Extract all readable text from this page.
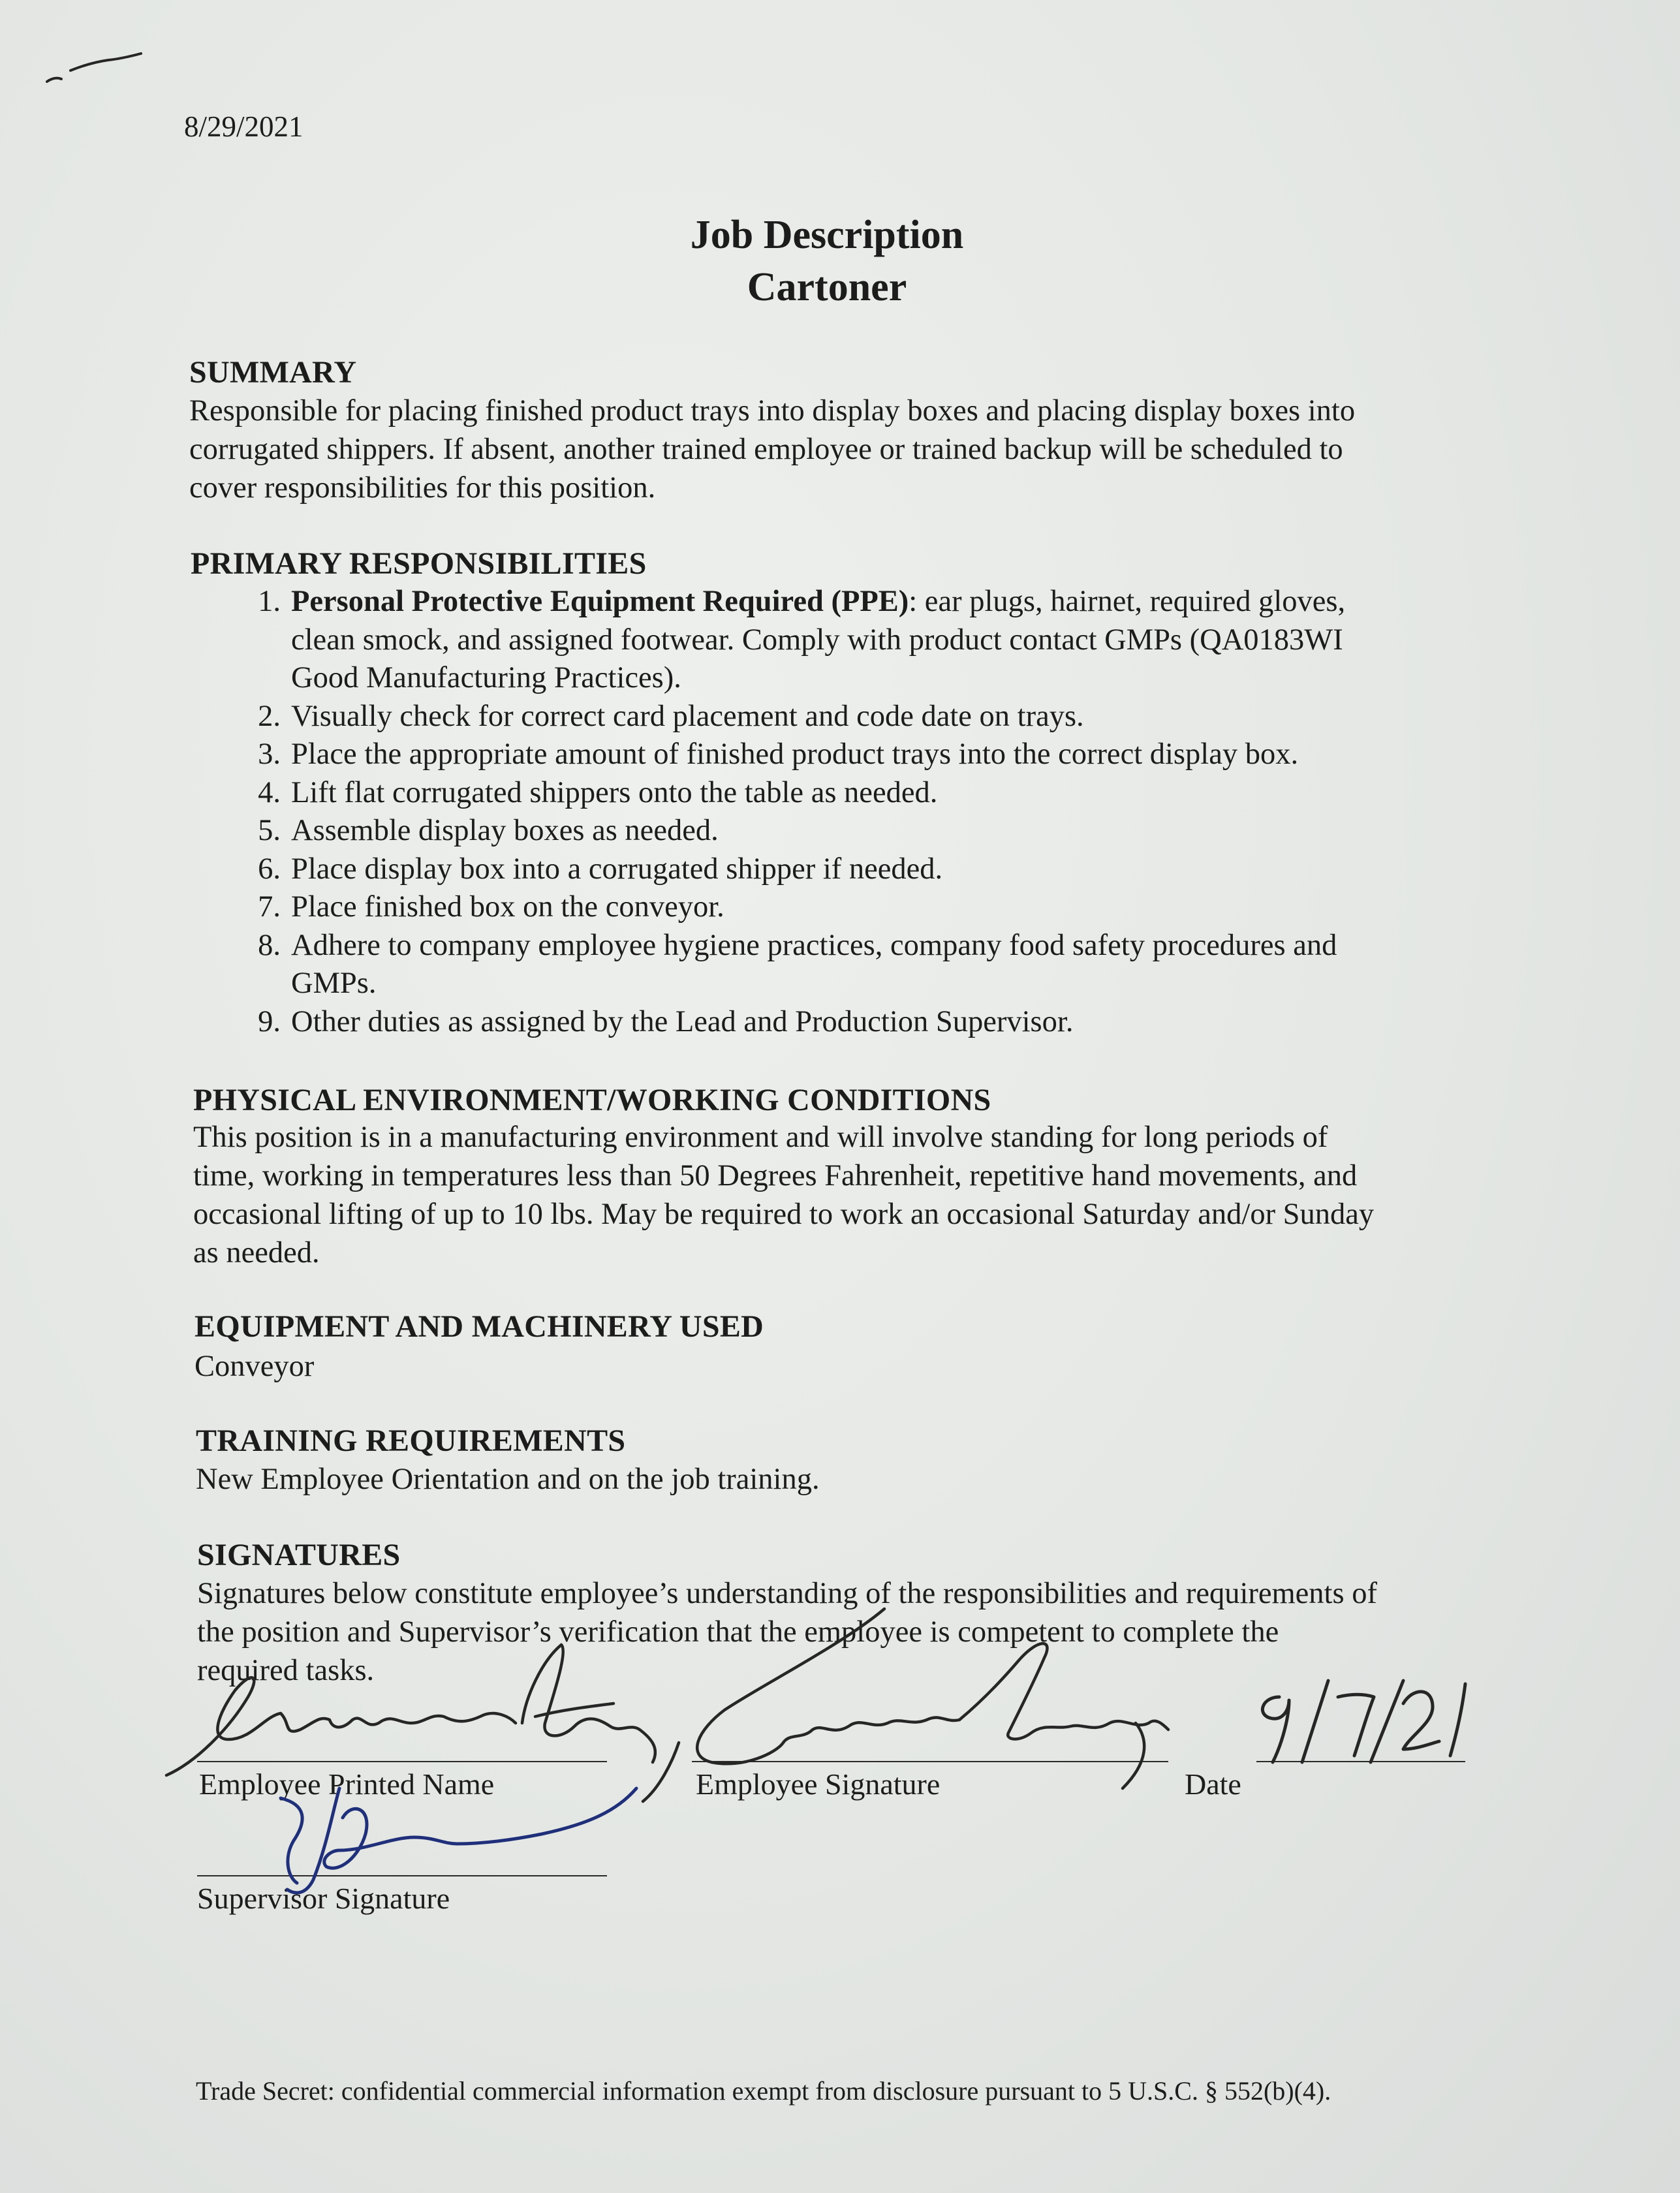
8/29/2021
Job Description
Cartoner
SUMMARY
Responsible for placing finished product trays into display boxes and placing display boxes into
corrugated shippers. If absent, another trained employee or trained backup will be scheduled to
cover responsibilities for this position.
PRIMARY RESPONSIBILITIES
1. Personal Protective Equipment Required (PPE): ear plugs, hairnet, required gloves,
clean smock, and assigned footwear. Comply with product contact GMPs (QA0183WI
Good Manufacturing Practices).
2. Visually check for correct card placement and code date on trays.
3. Place the appropriate amount of finished product trays into the correct display box.
4. Lift flat corrugated shippers onto the table as needed.
5. Assemble display boxes as needed.
6. Place display box into a corrugated shipper if needed.
7. Place finished box on the conveyor.
8. Adhere to company employee hygiene practices, company food safety procedures and
GMPs.
9. Other duties as assigned by the Lead and Production Supervisor.
PHYSICAL ENVIRONMENT/WORKING CONDITIONS
This position is in a manufacturing environment and will involve standing for long periods of
time, working in temperatures less than 50 Degrees Fahrenheit, repetitive hand movements, and
occasional lifting of up to 10 lbs. May be required to work an occasional Saturday and/or Sunday
as needed.
EQUIPMENT AND MACHINERY USED
Conveyor
TRAINING REQUIREMENTS
New Employee Orientation and on the job training.
SIGNATURES
Signatures below constitute employee’s understanding of the responsibilities and requirements of
the position and Supervisor’s verification that the employee is competent to complete the
required tasks.
Employee Printed Name	Employee Signature	Date
Supervisor Signature
Trade Secret: confidential commercial information exempt from disclosure pursuant to 5 U.S.C. § 552(b)(4).
